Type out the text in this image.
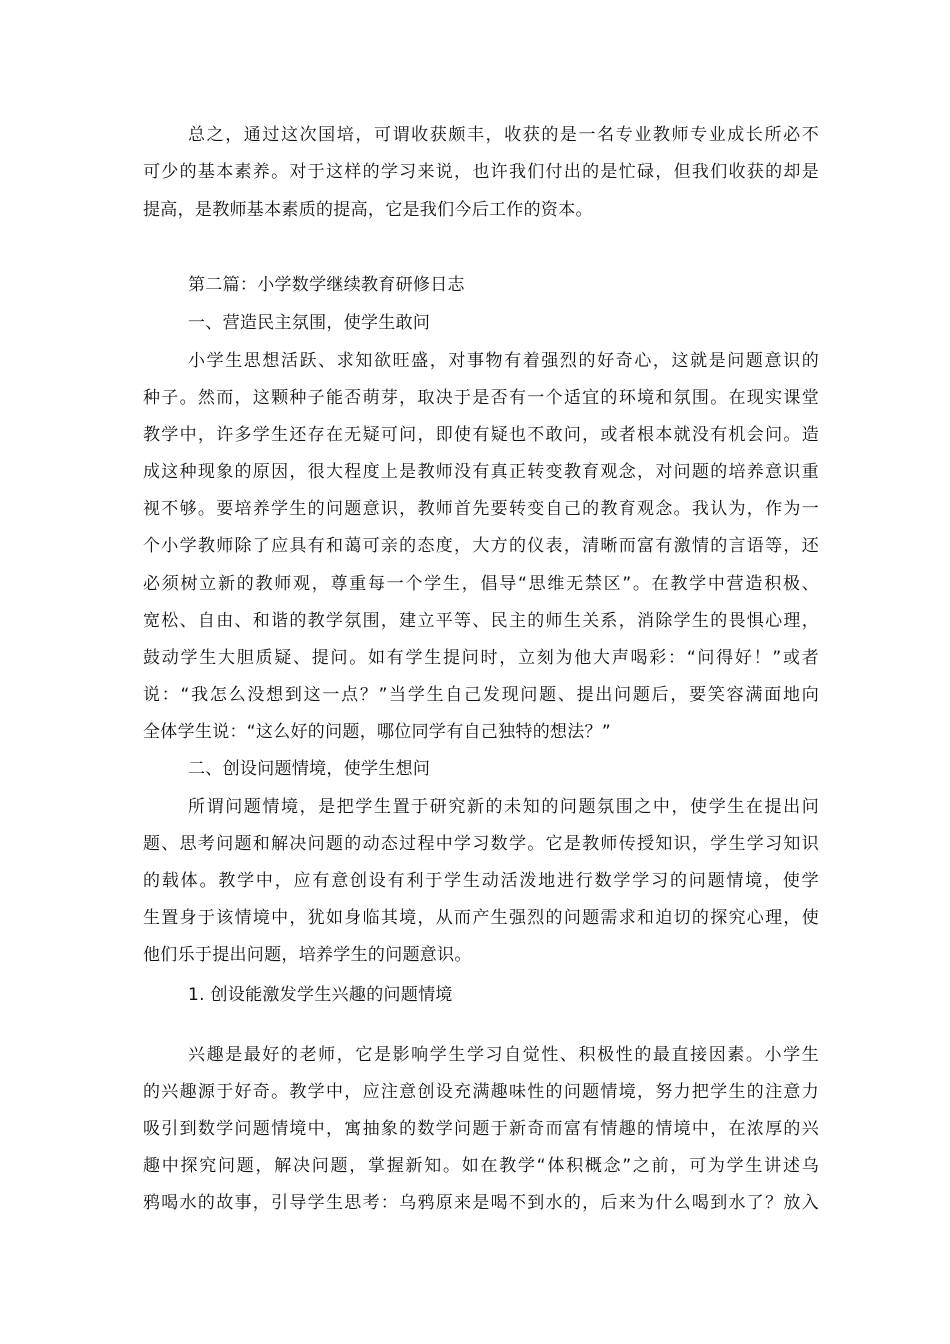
总之，通过这次国培，可谓收获颇丰，收获的是一名专业教师专业成长所必不
可少的基本素养。对于这样的学习来说，也许我们付出的是忙碌，但我们收获的却是
提高，是教师基本素质的提高，它是我们今后工作的资本。
第二篇：小学数学继续教育研修日志
一、营造民主氛围，使学生敢问
小学生思想活跃、求知欲旺盛，对事物有着强烈的好奇心，这就是问题意识的
种子。然而，这颗种子能否萌芽，取决于是否有一个适宜的环境和氛围。在现实课堂
教学中，许多学生还存在无疑可问，即使有疑也不敢问，或者根本就没有机会问。造
成这种现象的原因，很大程度上是教师没有真正转变教育观念，对问题的培养意识重
视不够。要培养学生的问题意识，教师首先要转变自己的教育观念。我认为，作为一
个小学教师除了应具有和蔼可亲的态度，大方的仪表，清晰而富有激情的言语等，还
必须树立新的教师观，尊重每一个学生，倡导“思维无禁区”。在教学中营造积极、
宽松、自由、和谐的教学氛围，建立平等、民主的师生关系，消除学生的畏惧心理，
鼓动学生大胆质疑、提问。如有学生提问时，立刻为他大声喝彩：“问得好！”或者
说：“我怎么没想到这一点？”当学生自己发现问题、提出问题后，要笑容满面地向
全体学生说：“这么好的问题，哪位同学有自己独特的想法？”
二、创设问题情境，使学生想问
所谓问题情境，是把学生置于研究新的未知的问题氛围之中，使学生在提出问
题、思考问题和解决问题的动态过程中学习数学。它是教师传授知识，学生学习知识
的载体。教学中，应有意创设有利于学生动活泼地进行数学学习的问题情境，使学
生置身于该情境中，犹如身临其境，从而产生强烈的问题需求和迫切的探究心理，使
他们乐于提出问题，培养学生的问题意识。
1. 创设能激发学生兴趣的问题情境
兴趣是最好的老师，它是影响学生学习自觉性、积极性的最直接因素。小学生
的兴趣源于好奇。教学中，应注意创设充满趣味性的问题情境，努力把学生的注意力
吸引到数学问题情境中，寓抽象的数学问题于新奇而富有情趣的情境中，在浓厚的兴
趣中探究问题，解决问题，掌握新知。如在教学“体积概念”之前，可为学生讲述乌
鸦喝水的故事，引导学生思考：乌鸦原来是喝不到水的，后来为什么喝到水了？放入
